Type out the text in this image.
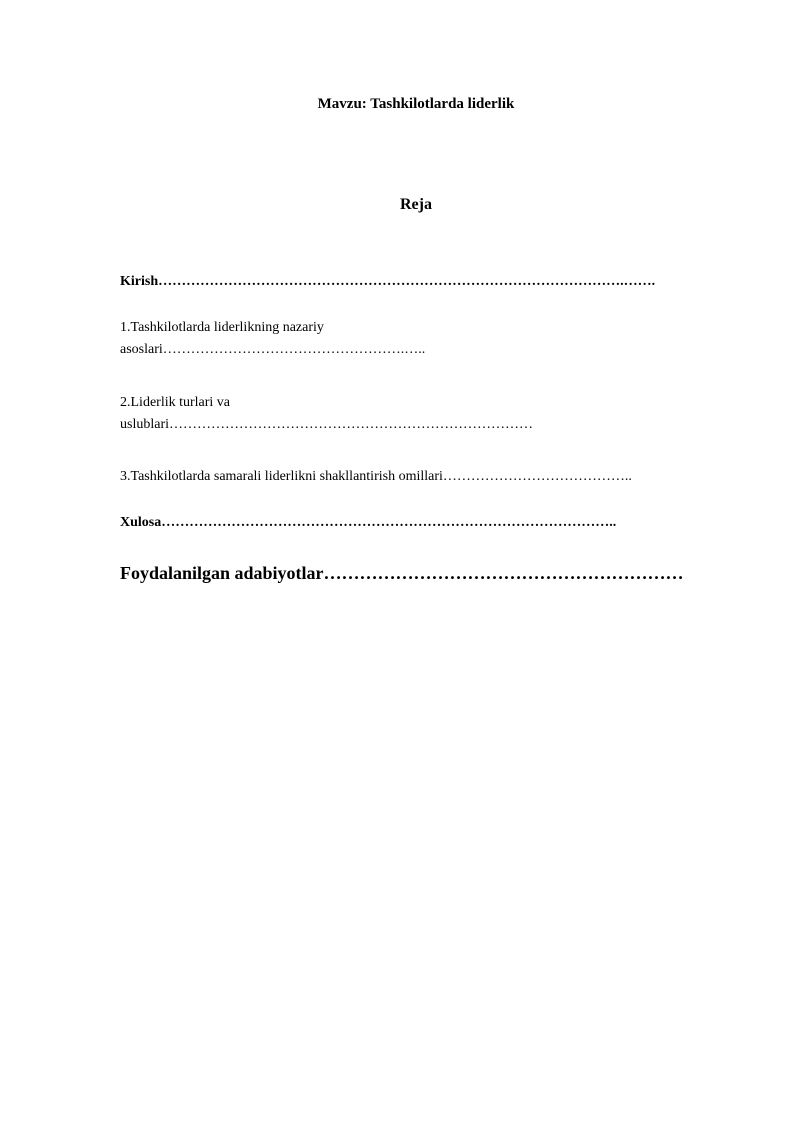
Mavzu: Tashkilotlarda liderlik
Reja
Kirish……………………………………………………………………………………….…….
1.Tashkilotlarda liderlikning nazariy
asoslari…………………………………………….…..
2.Liderlik turlari va
uslublari……………………………………………………………………
3.Tashkilotlarda samarali liderlikni shakllantirish omillari…………………………………..
Xulosa……………………………………………………………………………………..
Foydalanilgan adabiyotlar……………………………………………………
